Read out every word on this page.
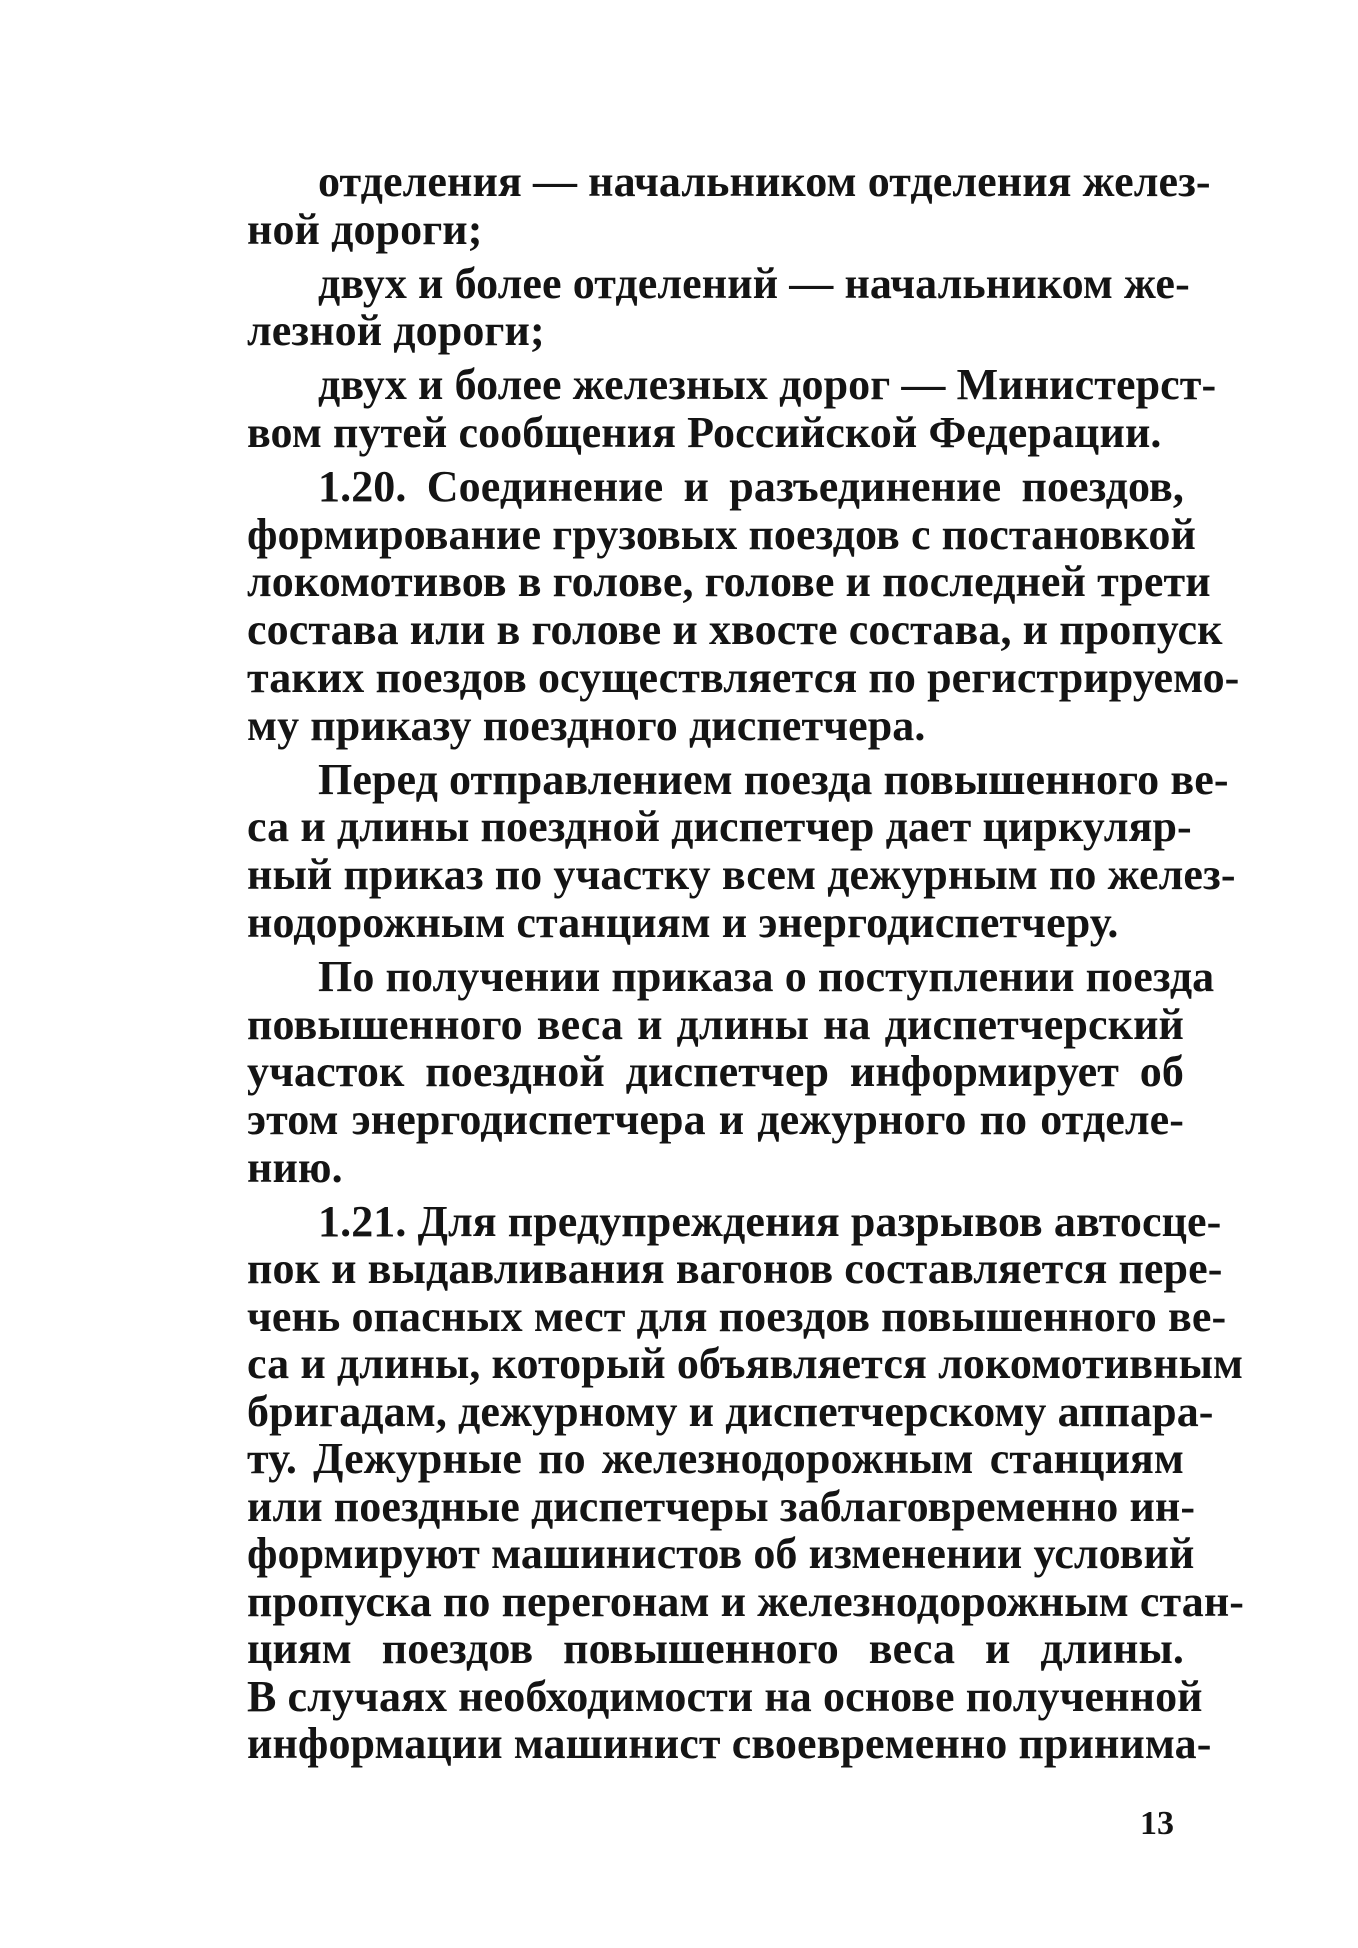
отделения — начальником отделения желез-
ной дороги;
двух и более отделений — начальником же-
лезной дороги;
двух и более железных дорог — Министерст-
вом путей сообщения Российской Федерации.
1.20. Соединение и разъединение поездов,
формирование грузовых поездов с постановкой
локомотивов в голове, голове и последней трети
состава или в голове и хвосте состава, и пропуск
таких поездов осуществляется по регистрируемо-
му приказу поездного диспетчера.
Перед отправлением поезда повышенного ве-
са и длины поездной диспетчер дает циркуляр-
ный приказ по участку всем дежурным по желез-
нодорожным станциям и энергодиспетчеру.
По получении приказа о поступлении поезда
повышенного веса и длины на диспетчерский
участок поездной диспетчер информирует об
этом энергодиспетчера и дежурного по отделе-
нию.
1.21. Для предупреждения разрывов автосце-
пок и выдавливания вагонов составляется пере-
чень опасных мест для поездов повышенного ве-
са и длины, который объявляется локомотивным
бригадам, дежурному и диспетчерскому аппара-
ту. Дежурные по железнодорожным станциям
или поездные диспетчеры заблаговременно ин-
формируют машинистов об изменении условий
пропуска по перегонам и железнодорожным стан-
циям поездов повышенного веса и длины.
В случаях необходимости на основе полученной
информации машинист своевременно принима-
13
